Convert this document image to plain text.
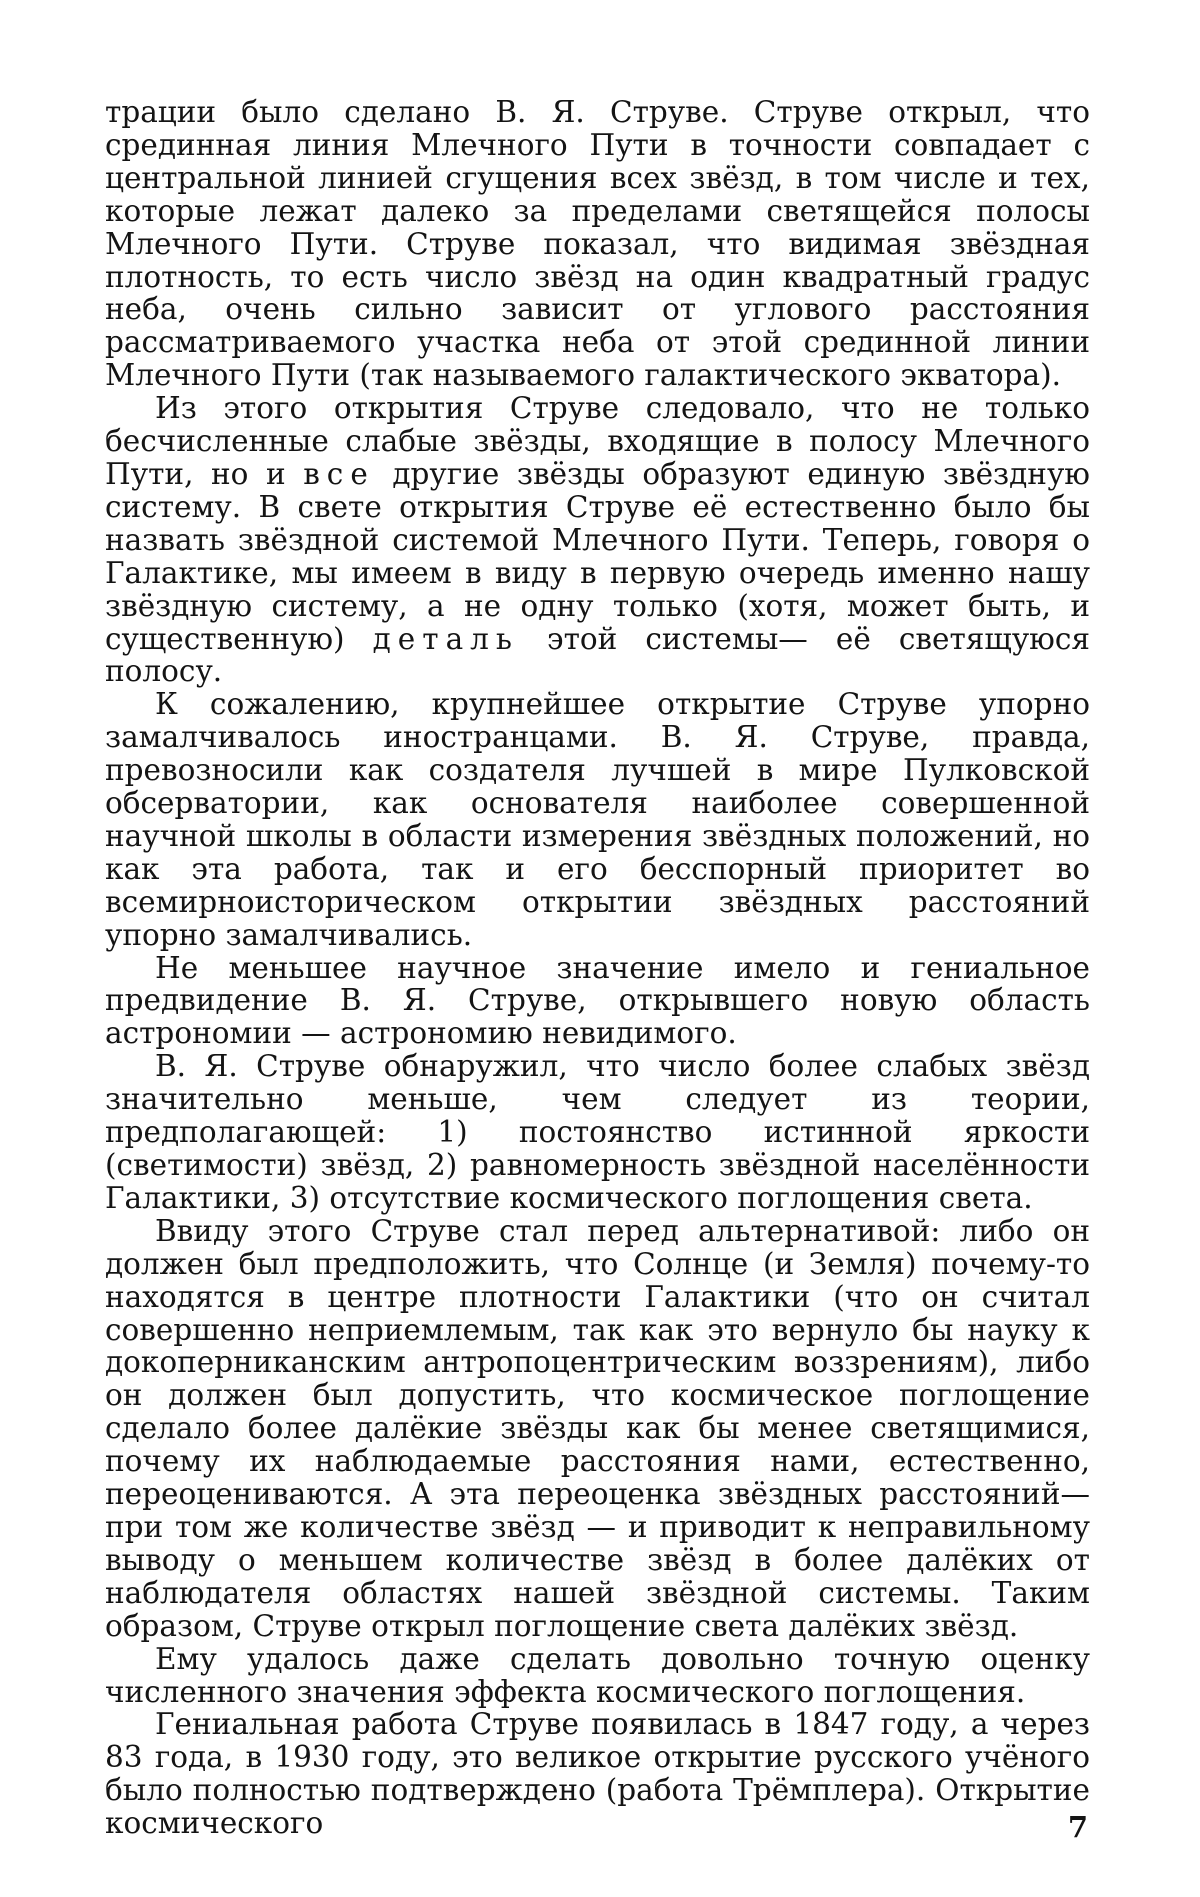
трации было сделано В. Я. Струве. Струве открыл, что срединная линия Млечного Пути в точности совпадает с центральной линией сгущения всех звёзд, в том числе и тех, которые лежат далеко за пределами светящейся полосы Млечного Пути. Струве показал, что видимая звёздная плотность, то есть число звёзд на один квадратный градус неба, очень сильно зависит от углового расстояния рассматриваемого участка неба от этой срединной линии Млечного Пути (так называемого галактического экватора).

Из этого открытия Струве следовало, что не только бесчисленные слабые звёзды, входящие в полосу Млечного Пути, но и все другие звёзды образуют единую звёздную систему. В свете открытия Струве её естественно было бы назвать звёздной системой Млечного Пути. Теперь, говоря о Галактике, мы имеем в виду в первую очередь именно нашу звёздную систему, а не одну только (хотя, может быть, и существенную) деталь этой системы— её светящуюся полосу.

К сожалению, крупнейшее открытие Струве упорно замалчивалось иностранцами. В. Я. Струве, правда, превозносили как создателя лучшей в мире Пулковской обсерватории, как основателя наиболее совершенной научной школы в области измерения звёздных положений, но как эта работа, так и его бесспорный приоритет во всемирноисторическом открытии звёздных расстояний упорно замалчивались.

Не меньшее научное значение имело и гениальное предвидение В. Я. Струве, открывшего новую область астрономии — астрономию невидимого.

В. Я. Струве обнаружил, что число более слабых звёзд значительно меньше, чем следует из теории, предполагающей: 1) постоянство истинной яркости (светимости) звёзд, 2) равномерность звёздной населённости Галактики, 3) отсутствие космического поглощения света.

Ввиду этого Струве стал перед альтернативой: либо он должен был предположить, что Солнце (и Земля) почему-то находятся в центре плотности Галактики (что он считал совершенно неприемлемым, так как это вернуло бы науку к докоперниканским антропоцентрическим воззрениям), либо он должен был допустить, что космическое поглощение сделало более далёкие звёзды как бы менее светящимися, почему их наблюдаемые расстояния нами, естественно, переоцениваются. А эта переоценка звёздных расстояний— при том же количестве звёзд — и приводит к неправильному выводу о меньшем количестве звёзд в более далёких от наблюдателя областях нашей звёздной системы. Таким образом, Струве открыл поглощение света далёких звёзд.

Ему удалось даже сделать довольно точную оценку численного значения эффекта космического поглощения.

Гениальная работа Струве появилась в 1847 году, а через 83 года, в 1930 году, это великое открытие русского учёного было полностью подтверждено (работа Трёмплера). Открытие космического	7
